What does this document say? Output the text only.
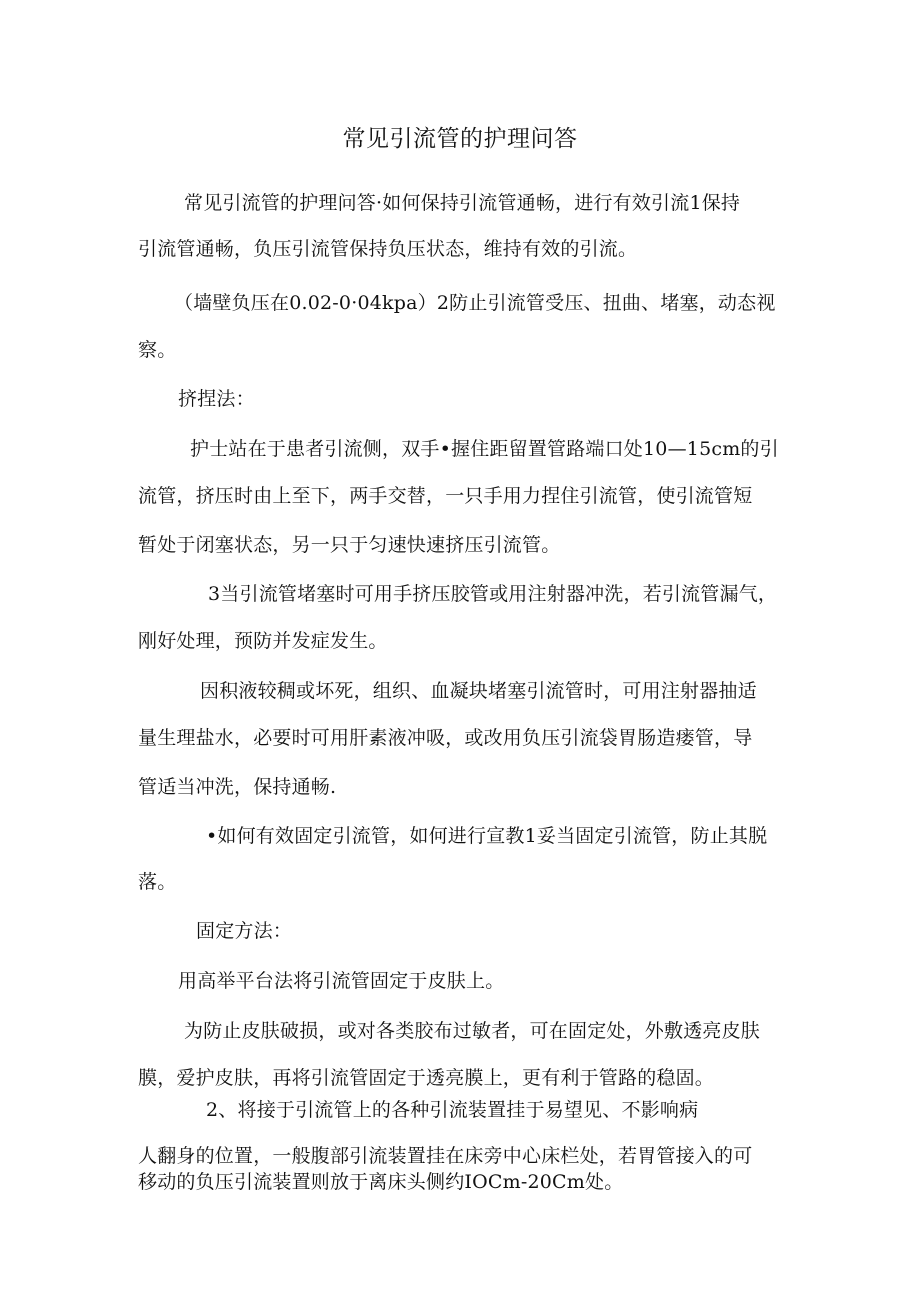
常见引流管的护理问答
常见引流管的护理问答·如何保持引流管通畅，进行有效引流1保持
引流管通畅，负压引流管保持负压状态，维持有效的引流。
（墙壁负压在0.02-0·04kpa）2防止引流管受压、扭曲、堵塞，动态视
察。
挤捏法：
护士站在于患者引流侧，双手•握住距留置管路端口处10—15cm的引
流管，挤压时由上至下，两手交替，一只手用力捏住引流管，使引流管短
暂处于闭塞状态，另一只于匀速快速挤压引流管。
3当引流管堵塞时可用手挤压胶管或用注射器冲洗，若引流管漏气，
刚好处理，预防并发症发生。
因积液较稠或坏死，组织、血凝块堵塞引流管时，可用注射器抽适
量生理盐水，必要时可用肝素液冲吸，或改用负压引流袋胃肠造瘘管，导
管适当冲洗，保持通畅.
•如何有效固定引流管，如何进行宣教1妥当固定引流管，防止其脱
落。
固定方法：
用高举平台法将引流管固定于皮肤上。
为防止皮肤破损，或对各类胶布过敏者，可在固定处，外敷透亮皮肤
膜，爱护皮肤，再将引流管固定于透亮膜上，更有利于管路的稳固。
2、将接于引流管上的各种引流装置挂于易望见、不影响病
人翻身的位置，一般腹部引流装置挂在床旁中心床栏处，若胃管接入的可
移动的负压引流装置则放于离床头侧约IOCm-20Cm处。
